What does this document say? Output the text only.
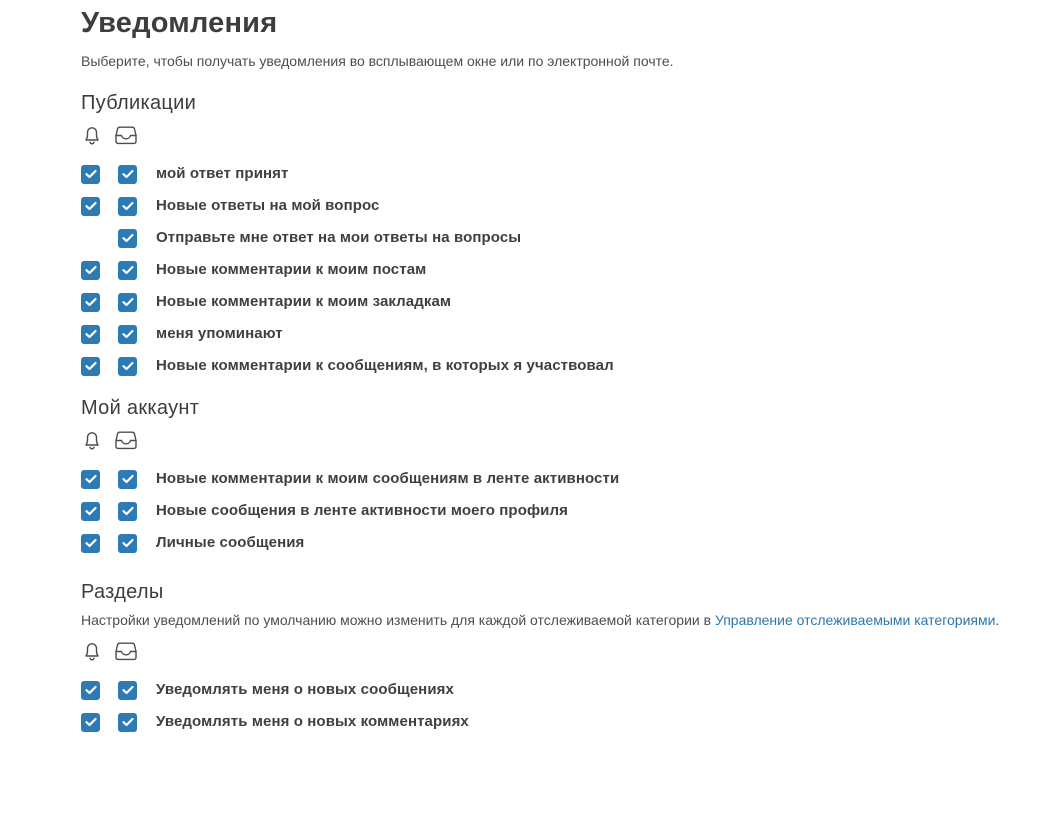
Уведомления

Выберите, чтобы получать уведомления во всплывающем окне или по электронной почте.

Публикации
мой ответ принят
Новые ответы на мой вопрос
Отправьте мне ответ на мои ответы на вопросы
Новые комментарии к моим постам
Новые комментарии к моим закладкам
меня упоминают
Новые комментарии к сообщениям, в которых я участвовал
Мой аккаунт
Новые комментарии к моим сообщениям в ленте активности
Новые сообщения в ленте активности моего профиля
Личные сообщения
Разделы

Настройки уведомлений по умолчанию можно изменить для каждой отслеживаемой категории в Управление отслеживаемыми категориями.

Уведомлять меня о новых сообщениях
Уведомлять меня о новых комментариях
